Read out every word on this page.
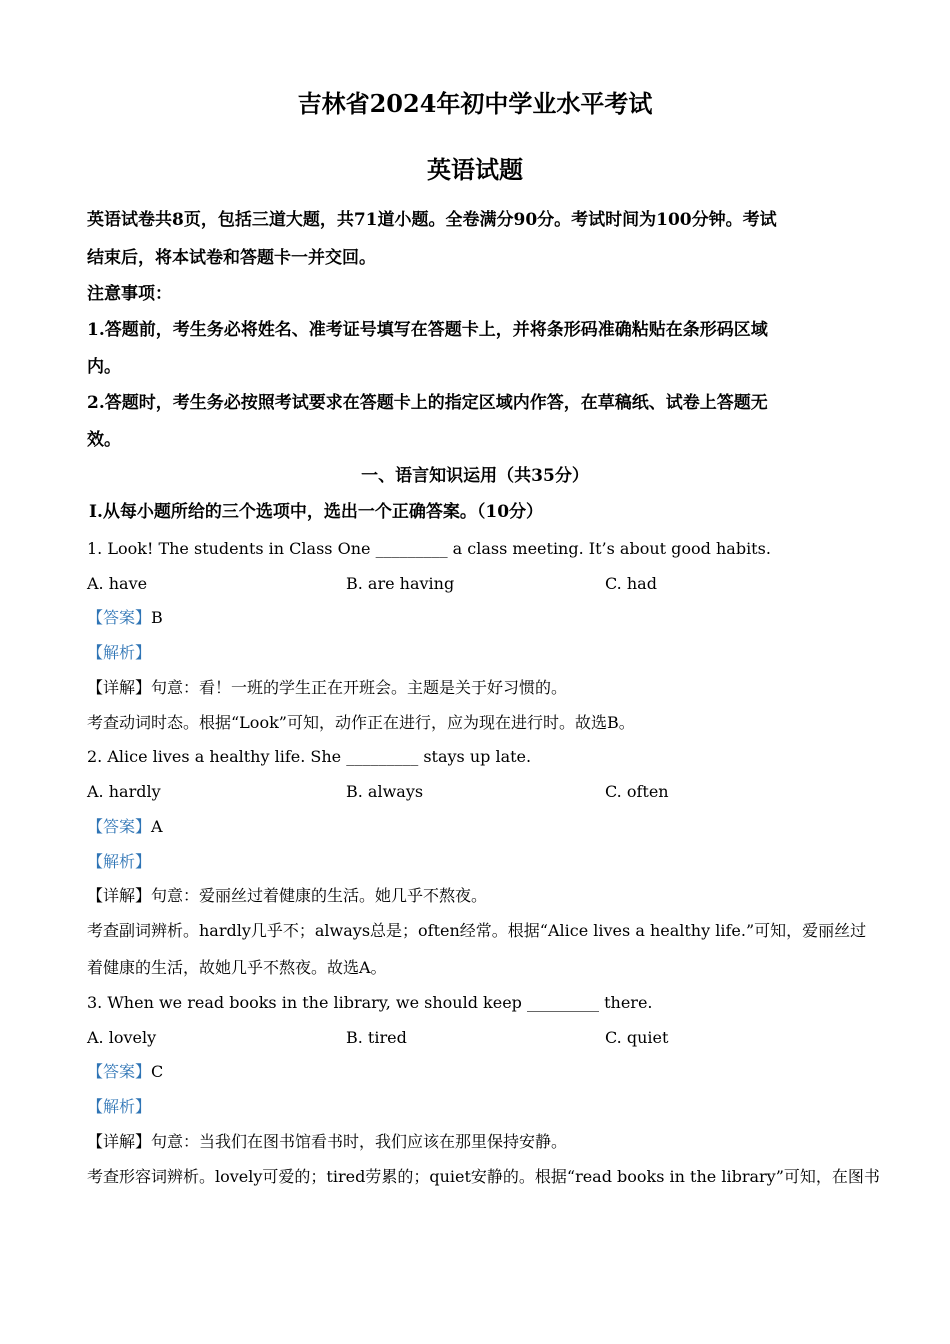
吉林省2024年初中学业水平考试
英语试题
英语试卷共8页，包括三道大题，共71道小题。全卷满分90分。考试时间为100分钟。考试
结束后，将本试卷和答题卡一并交回。
注意事项：
1.答题前，考生务必将姓名、准考证号填写在答题卡上，并将条形码准确粘贴在条形码区域
内。
2.答题时，考生务必按照考试要求在答题卡上的指定区域内作答，在草稿纸、试卷上答题无
效。
一、语言知识运用（共35分）
Ⅰ.从每小题所给的三个选项中，选出一个正确答案。（10分）
1. Look! The students in Class One _________ a class meeting. It’s about good habits.
A. have	B. are having	C. had
【答案】B
【解析】
【详解】句意：看！一班的学生正在开班会。主题是关于好习惯的。
考查动词时态。根据“Look”可知，动作正在进行，应为现在进行时。故选B。
2. Alice lives a healthy life. She _________ stays up late.
A. hardly	B. always	C. often
【答案】A
【解析】
【详解】句意：爱丽丝过着健康的生活。她几乎不熬夜。
考查副词辨析。hardly几乎不；always总是；often经常。根据“Alice lives a healthy life.”可知，爱丽丝过
着健康的生活，故她几乎不熬夜。故选A。
3. When we read books in the library, we should keep _________ there.
A. lovely	B. tired	C. quiet
【答案】C
【解析】
【详解】句意：当我们在图书馆看书时，我们应该在那里保持安静。
考查形容词辨析。lovely可爱的；tired劳累的；quiet安静的。根据“read books in the library”可知，在图书
